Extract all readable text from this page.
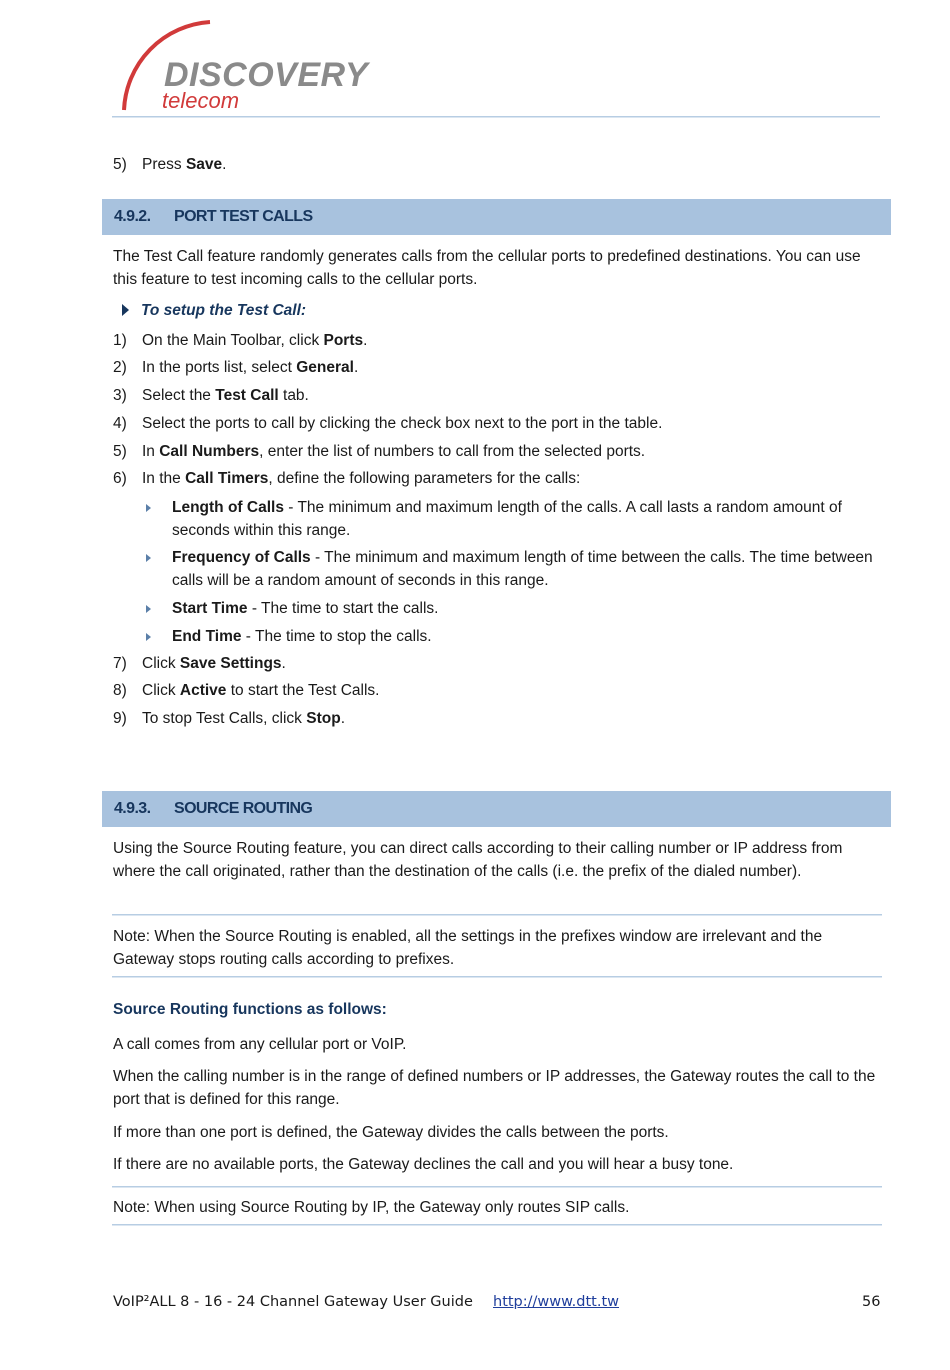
DISCOVERY
telecom
5) Press Save.
4.9.2. PORT TEST CALLS
The Test Call feature randomly generates calls from the cellular ports to predefined destinations. You can use this feature to test incoming calls to the cellular ports.
To setup the Test Call:
1) On the Main Toolbar, click Ports.
2) In the ports list, select General.
3) Select the Test Call tab.
4) Select the ports to call by clicking the check box next to the port in the table.
5) In Call Numbers, enter the list of numbers to call from the selected ports.
6) In the Call Timers, define the following parameters for the calls:
Length of Calls - The minimum and maximum length of the calls. A call lasts a random amount of seconds within this range.
Frequency of Calls - The minimum and maximum length of time between the calls. The time between calls will be a random amount of seconds in this range.
Start Time - The time to start the calls.
End Time - The time to stop the calls.
7) Click Save Settings.
8) Click Active to start the Test Calls.
9) To stop Test Calls, click Stop.
4.9.3. SOURCE ROUTING
Using the Source Routing feature, you can direct calls according to their calling number or IP address from where the call originated, rather than the destination of the calls (i.e. the prefix of the dialed number).
Note: When the Source Routing is enabled, all the settings in the prefixes window are irrelevant and the Gateway stops routing calls according to prefixes.
Source Routing functions as follows:
A call comes from any cellular port or VoIP.
When the calling number is in the range of defined numbers or IP addresses, the Gateway routes the call to the port that is defined for this range.
If more than one port is defined, the Gateway divides the calls between the ports.
If there are no available ports, the Gateway declines the call and you will hear a busy tone.
Note: When using Source Routing by IP, the Gateway only routes SIP calls.
VoIP²ALL 8 - 16 - 24 Channel Gateway User Guide http://www.dtt.tw	56
